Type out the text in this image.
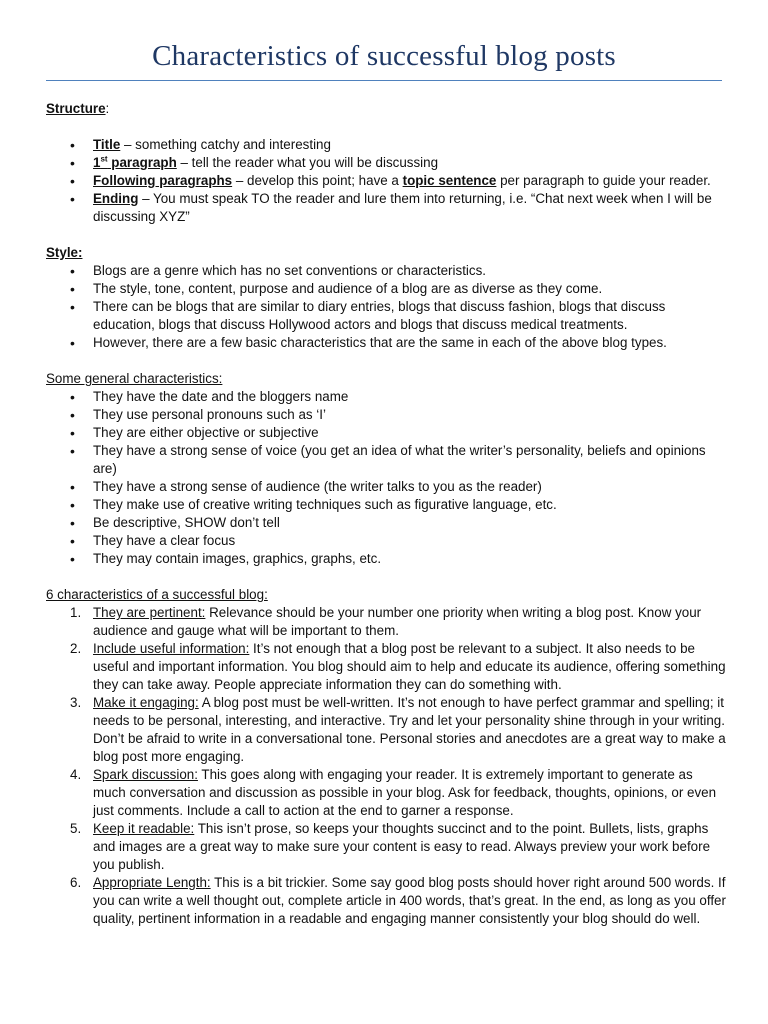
Characteristics of successful blog posts
Structure:
• Title – something catchy and interesting
• 1st paragraph – tell the reader what you will be discussing
• Following paragraphs – develop this point; have a topic sentence per paragraph to guide your reader.
• Ending – You must speak TO the reader and lure them into returning, i.e. “Chat next week when I will be discussing XYZ”
Style:
• Blogs are a genre which has no set conventions or characteristics.
• The style, tone, content, purpose and audience of a blog are as diverse as they come.
• There can be blogs that are similar to diary entries, blogs that discuss fashion, blogs that discuss education, blogs that discuss Hollywood actors and blogs that discuss medical treatments.
• However, there are a few basic characteristics that are the same in each of the above blog types.
Some general characteristics:
• They have the date and the bloggers name
• They use personal pronouns such as ‘I’
• They are either objective or subjective
• They have a strong sense of voice (you get an idea of what the writer’s personality, beliefs and opinions are)
• They have a strong sense of audience (the writer talks to you as the reader)
• They make use of creative writing techniques such as figurative language, etc.
• Be descriptive, SHOW don’t tell
• They have a clear focus
• They may contain images, graphics, graphs, etc.
6 characteristics of a successful blog:
1. They are pertinent: Relevance should be your number one priority when writing a blog post. Know your audience and gauge what will be important to them.
2. Include useful information: It’s not enough that a blog post be relevant to a subject. It also needs to be useful and important information. You blog should aim to help and educate its audience, offering something they can take away. People appreciate information they can do something with.
3. Make it engaging: A blog post must be well-written. It’s not enough to have perfect grammar and spelling; it needs to be personal, interesting, and interactive. Try and let your personality shine through in your writing. Don’t be afraid to write in a conversational tone. Personal stories and anecdotes are a great way to make a blog post more engaging.
4. Spark discussion: This goes along with engaging your reader. It is extremely important to generate as much conversation and discussion as possible in your blog. Ask for feedback, thoughts, opinions, or even just comments. Include a call to action at the end to garner a response.
5. Keep it readable: This isn’t prose, so keeps your thoughts succinct and to the point. Bullets, lists, graphs and images are a great way to make sure your content is easy to read. Always preview your work before you publish.
6. Appropriate Length: This is a bit trickier. Some say good blog posts should hover right around 500 words. If you can write a well thought out, complete article in 400 words, that’s great. In the end, as long as you offer quality, pertinent information in a readable and engaging manner consistently your blog should do well.
